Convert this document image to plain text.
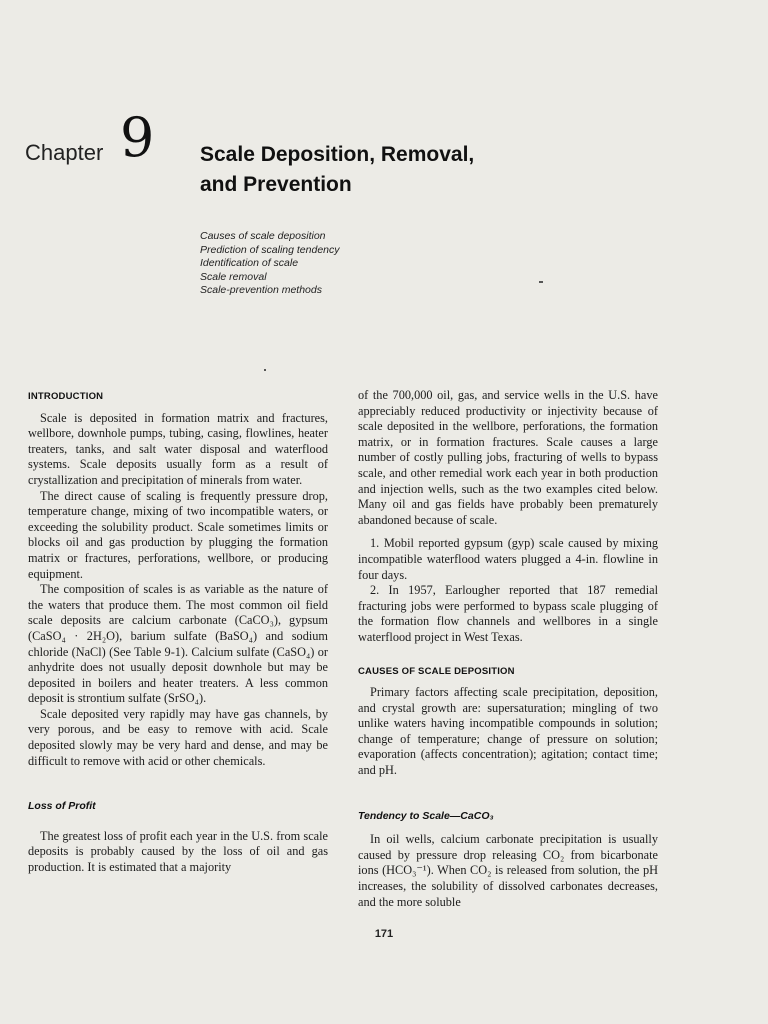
Chapter 9 Scale Deposition, Removal,
and Prevention
Causes of scale deposition
Prediction of scaling tendency
Identification of scale
Scale removal
Scale-prevention methods
INTRODUCTION

Scale is deposited in formation matrix and fractures, wellbore, downhole pumps, tubing, casing, flowlines, heater treaters, tanks, and salt water disposal and waterflood systems. Scale deposits usually form as a result of crystallization and precipitation of minerals from water.

The direct cause of scaling is frequently pressure drop, temperature change, mixing of two incompatible waters, or exceeding the solubility product. Scale sometimes limits or blocks oil and gas production by plugging the formation matrix or fractures, perforations, wellbore, or producing equipment.

The composition of scales is as variable as the nature of the waters that produce them. The most common oil field scale deposits are calcium carbonate (CaCO₃), gypsum (CaSO₄ · 2H₂O), barium sulfate (BaSO₄) and sodium chloride (NaCl) (See Table 9-1). Calcium sulfate (CaSO₄) or anhydrite does not usually deposit downhole but may be deposited in boilers and heater treaters. A less common deposit is strontium sulfate (SrSO₄).

Scale deposited very rapidly may have gas channels, by very porous, and be easy to remove with acid. Scale deposited slowly may be very hard and dense, and may be difficult to remove with acid or other chemicals.

Loss of Profit

The greatest loss of profit each year in the U.S. from scale deposits is probably caused by the loss of oil and gas production. It is estimated that a majority

of the 700,000 oil, gas, and service wells in the U.S. have appreciably reduced productivity or injectivity because of scale deposited in the wellbore, perforations, the formation matrix, or in formation fractures. Scale causes a large number of costly pulling jobs, fracturing of wells to bypass scale, and other remedial work each year in both production and injection wells, such as the two examples cited below. Many oil and gas fields have probably been prematurely abandoned because of scale.

1. Mobil reported gypsum (gyp) scale caused by mixing incompatible waterflood waters plugged a 4-in. flowline in four days.

2. In 1957, Earlougher reported that 187 remedial fracturing jobs were performed to bypass scale plugging of the formation flow channels and wellbores in a single waterflood project in West Texas.

CAUSES OF SCALE DEPOSITION

Primary factors affecting scale precipitation, deposition, and crystal growth are: supersaturation; mingling of two unlike waters having incompatible compounds in solution; change of temperature; change of pressure on solution; evaporation (affects concentration); agitation; contact time; and pH.

Tendency to Scale—CaCO₃

In oil wells, calcium carbonate precipitation is usually caused by pressure drop releasing CO₂ from bicarbonate ions (HCO₃⁻¹). When CO₂ is released from solution, the pH increases, the solubility of dissolved carbonates decreases, and the more soluble

171
